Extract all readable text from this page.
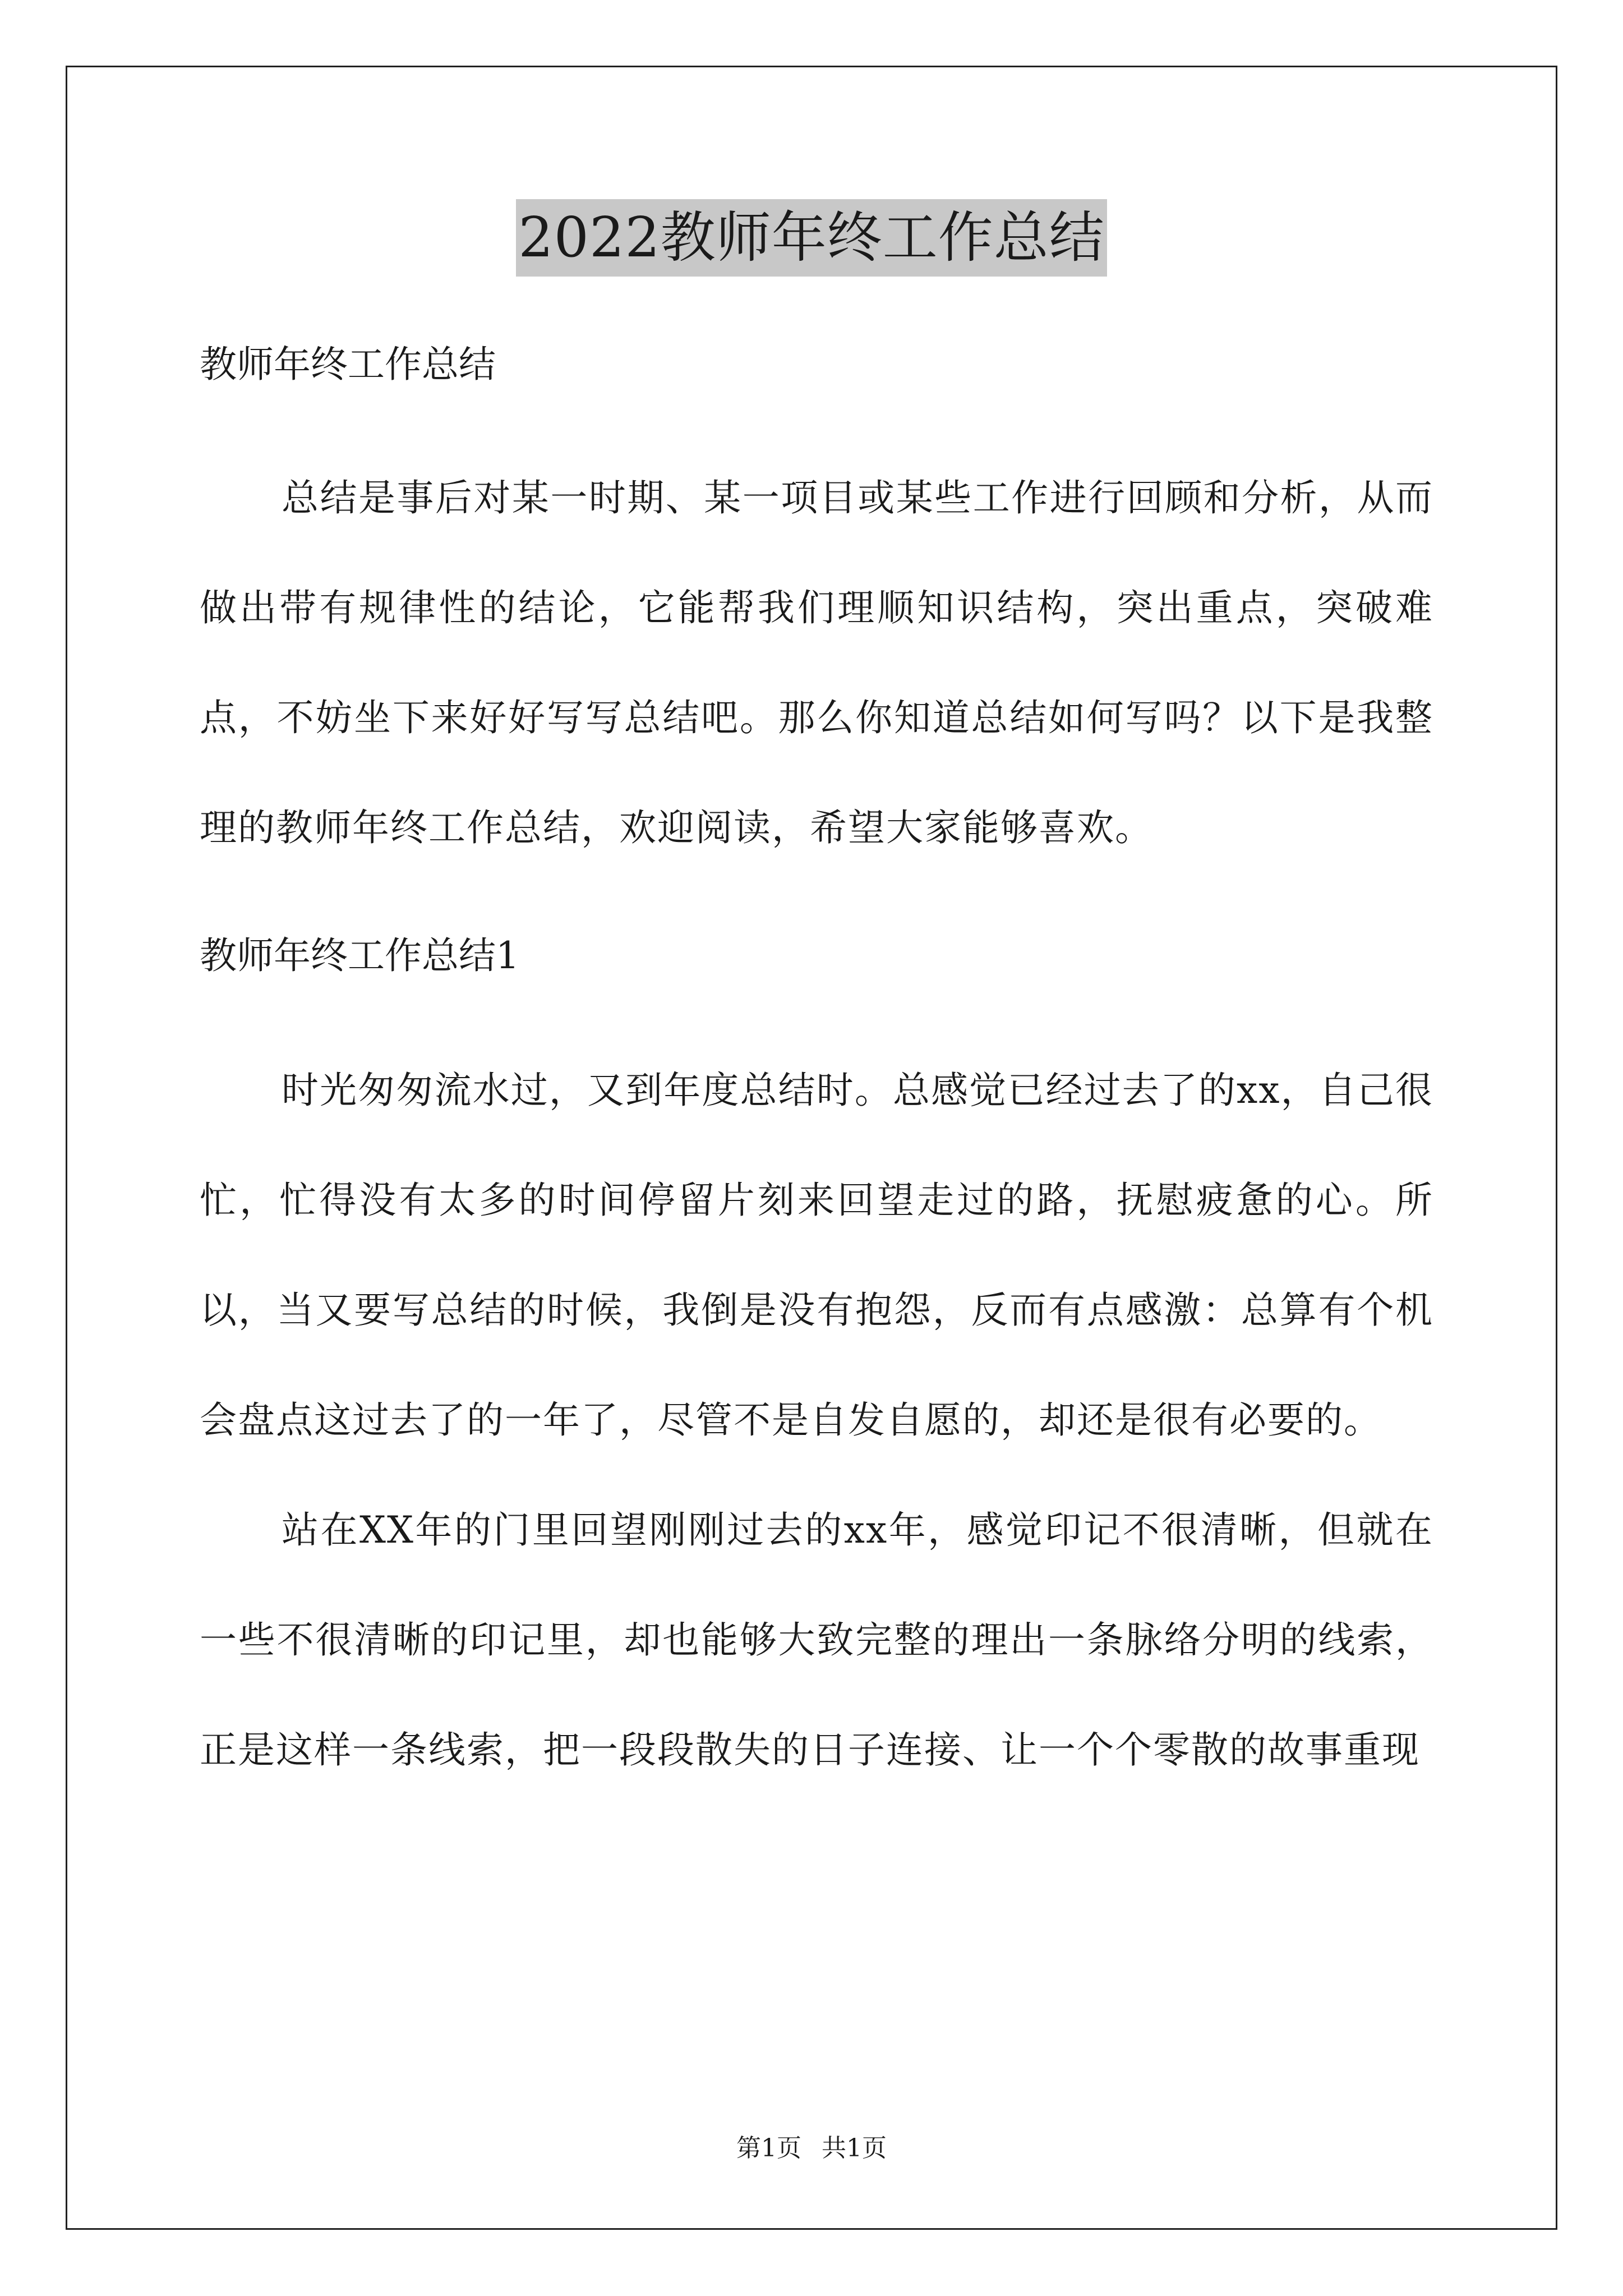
2022教师年终工作总结

教师年终工作总结

总结是事后对某一时期、某一项目或某些工作进行回顾和分析，从而做出带有规律性的结论，它能帮我们理顺知识结构，突出重点，突破难点，不妨坐下来好好写写总结吧。那么你知道总结如何写吗？以下是我整理的教师年终工作总结，欢迎阅读，希望大家能够喜欢。

教师年终工作总结1

时光匆匆流水过，又到年度总结时。总感觉已经过去了的xx，自己很忙，忙得没有太多的时间停留片刻来回望走过的路，抚慰疲惫的心。所以，当又要写总结的时候，我倒是没有抱怨，反而有点感激：总算有个机会盘点这过去了的一年了，尽管不是自发自愿的，却还是很有必要的。

站在XX年的门里回望刚刚过去的xx年，感觉印记不很清晰，但就在一些不很清晰的印记里，却也能够大致完整的理出一条脉络分明的线索，正是这样一条线索，把一段段散失的日子连接、让一个个零散的故事重现

第1页 共1页
